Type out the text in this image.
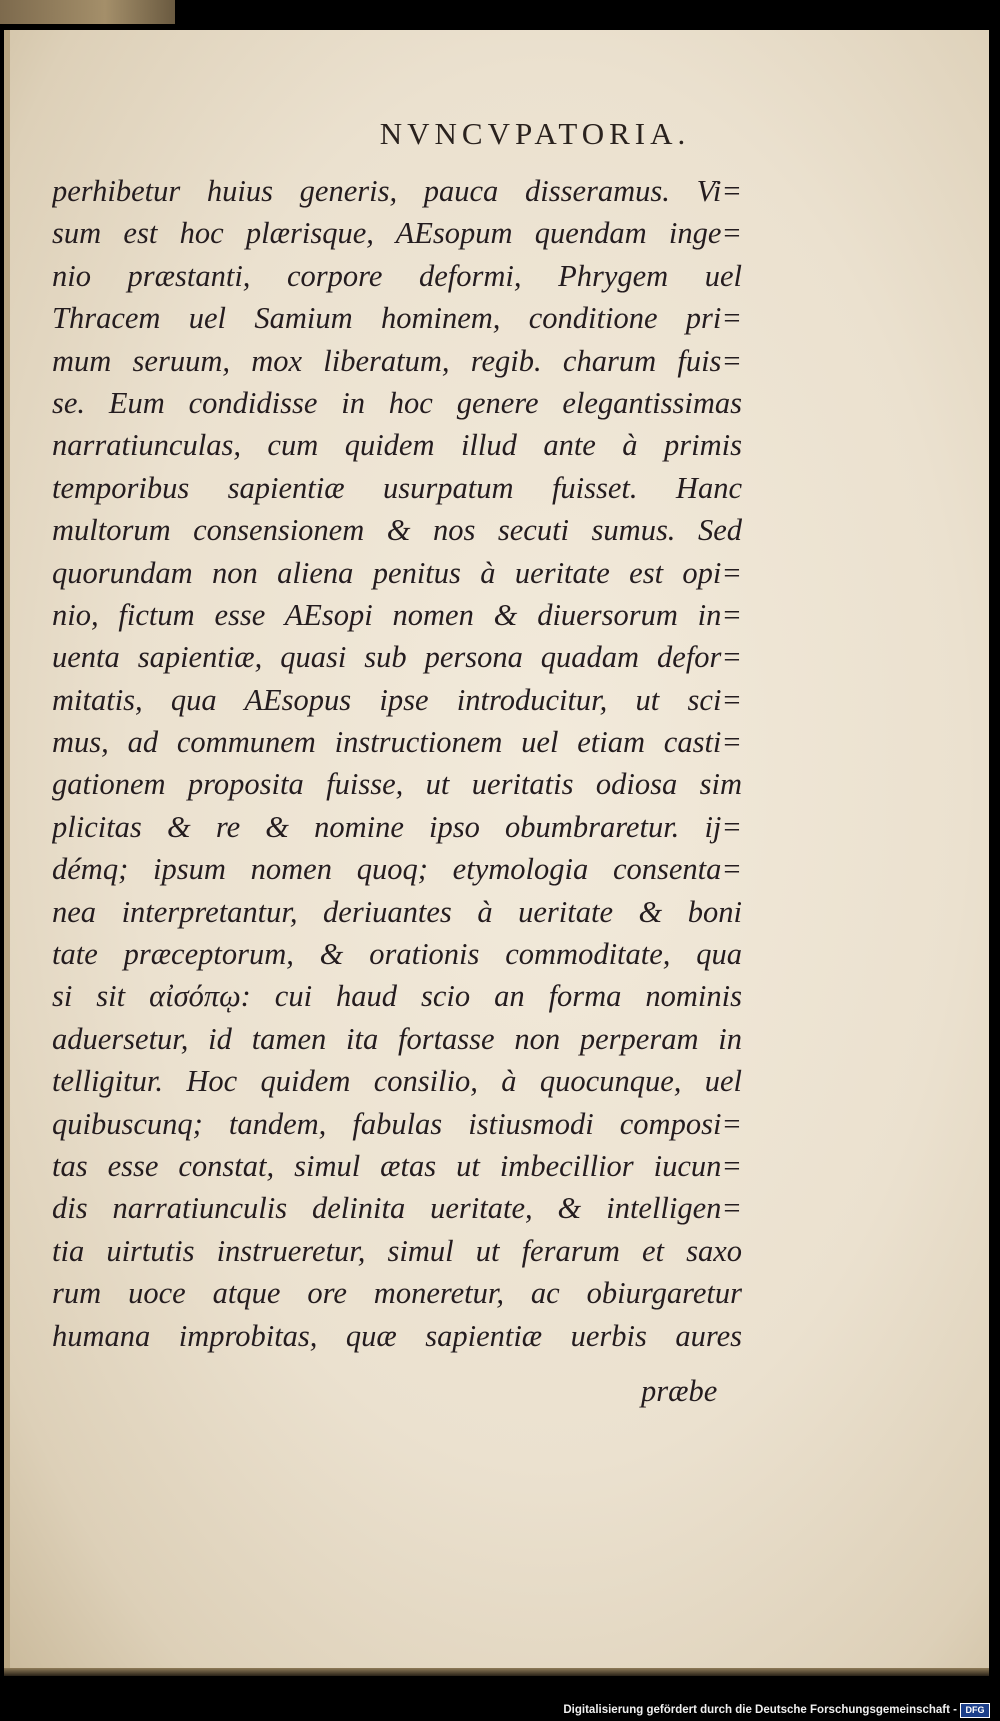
NVNCVPATORIA.
perhibetur huius generis, pauca disseramus. Vi=
sum est hoc plærisque, AEsopum quendam inge=
nio præstanti, corpore deformi, Phrygem uel
Thracem uel Samium hominem, conditione pri=
mum seruum, mox liberatum, regib. charum fuis=
se. Eum condidisse in hoc genere elegantissimas
narratiunculas, cum quidem illud ante à primis
temporibus sapientiæ usurpatum fuisset. Hanc
multorum consensionem & nos secuti sumus. Sed
quorundam non aliena penitus à ueritate est opi=
nio, fictum esse AEsopi nomen & diuersorum in=
uenta sapientiæ, quasi sub persona quadam defor=
mitatis, qua AEsopus ipse introducitur, ut sci=
mus, ad communem instructionem uel etiam casti=
gationem proposita fuisse, ut ueritatis odiosa sim
plicitas & re & nomine ipso obumbraretur. ij=
démq; ipsum nomen quoq; etymologia consenta=
nea interpretantur, deriuantes à ueritate & boni
tate præceptorum, & orationis commoditate, qua
si sit αἰσόπῳ: cui haud scio an forma nominis
aduersetur, id tamen ita fortasse non perperam in
telligitur. Hoc quidem consilio, à quocunque, uel
quibuscunq; tandem, fabulas istiusmodi composi=
tas esse constat, simul ætas ut imbecillior iucun=
dis narratiunculis delinita ueritate, & intelligen=
tia uirtutis instrueretur, simul ut ferarum et saxo
rum uoce atque ore moneretur, ac obiurgaretur
humana improbitas, quæ sapientiæ uerbis aures
præbe
Digitalisierung gefördert durch die Deutsche Forschungsgemeinschaft - DFG
